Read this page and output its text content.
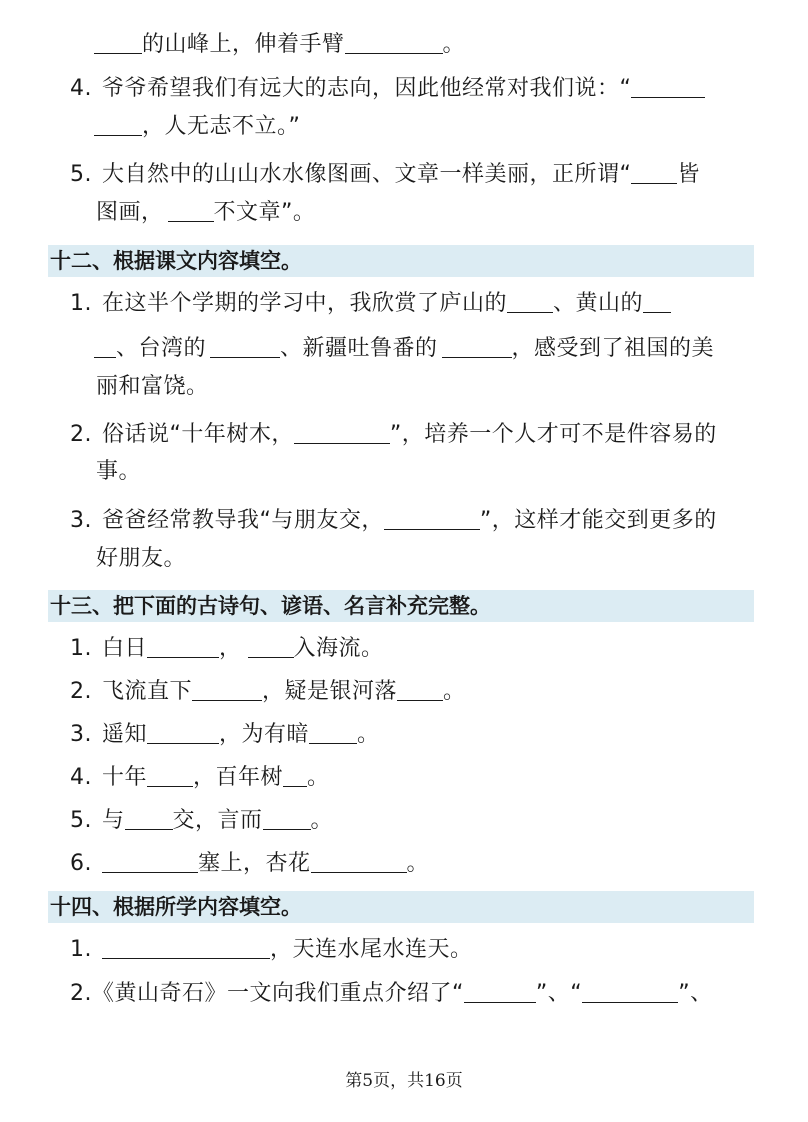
的山峰上，伸着手臂	。
4. 爷爷希望我们有远大的志向，因此他经常对我们说：“
，人无志不立。”
5. 大自然中的山山水水像图画、文章一样美丽，正所谓“ 皆
图画， 不文章”。
十二、根据课文内容填空。
1. 在这半个学期的学习中，我欣赏了庐山的 、黄山的
、台湾的	、新疆吐鲁番的	，感受到了祖国的美
丽和富饶。
2. 俗话说“十年树木，	”，培养一个人才可不是件容易的
事。
3. 爸爸经常教导我“与朋友交，	”，这样才能交到更多的
好朋友。
十三、把下面的古诗句、谚语、名言补充完整。
1. 白日	， 入海流。
2. 飞流直下	，疑是银河落 。
3. 遥知	，为有暗 。
4. 十年 ，百年树 。
5. 与 交，言而 。
6.	塞上，杏花	。
十四、根据所学内容填空。
1.	，天连水尾水连天。
2.《黄山奇石》一文向我们重点介绍了“	”、“	”、
第5页，共16页
